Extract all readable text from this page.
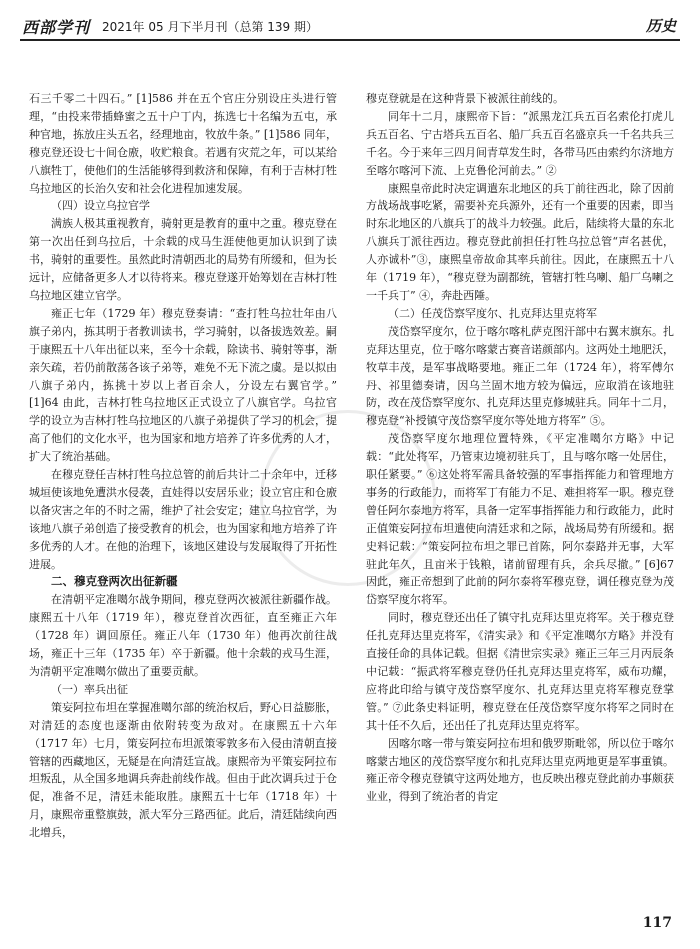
西部学刊 2021年 05 月下半月刊（总第 139 期）	历史

石三千零二十四石。” [1]586 并在五个官庄分别设庄头进行管理，“由投来带插蜂蜜之五十户丁内，拣选七十名编为五屯，承种官地，拣放庄头五名，经理地亩，牧放牛条。” [1]586 同年，穆克登还设七十间仓廒，收贮粮食。若遇有灾荒之年，可以某给八旗牲丁，使他们的生活能够得到救济和保障，有利于吉林打牲乌拉地区的长治久安和社会化进程加速发展。

（四）设立乌拉官学

满族人极其重视教育，骑射更是教育的重中之重。穆克登在第一次出任到乌拉后，十余载的戍马生涯使他更加认识到了读书，骑射的重要性。虽然此时清朝西北的局势有所缓和，但为长远计，应储备更多人才以待将来。穆克登遂开始筹划在吉林打牲乌拉地区建立官学。

雍正七年（1729 年）穆克登奏请：“查打牲乌拉壮年由八旗子弟内，拣其明于者教训读书，学习骑射，以备拔选效差。嗣于康熙五十八年出征以来，至今十余载，除读书、骑射等事，渐亲矢疏，若仍前散荡各该子弟等，难免不无下流之虞。是以拟由八旗子弟内，拣挑十岁以上者百余人，分设左右翼官学。” [1]64 由此，吉林打牲乌拉地区正式设立了八旗官学。乌拉官学的设立为吉林打牲乌拉地区的八旗子弟提供了学习的机会，提高了他们的文化水平，也为国家和地方培养了许多优秀的人才，扩大了统治基础。

在穆克登任吉林打牲乌拉总管的前后共计二十余年中，迁移城垣使该地免遭洪水侵袭，直娃得以安居乐业；设立官庄和仓廒以备灾害之年的不时之需，维护了社会安定；建立乌拉官学，为该地八旗子弟创造了接受教育的机会，也为国家和地方培养了许多优秀的人才。在他的治理下，该地区建设与发展取得了开拓性进展。

二、穆克登两次出征新疆

在清朝平定准噶尔战争期间，穆克登两次被派往新疆作战。康熙五十八年（1719 年），穆克登首次西征，直至雍正六年（1728 年）调回原任。雍正八年（1730 年）他再次前往战场，雍正十三年（1735 年）卒于新疆。他十余载的戎马生涯，为清朝平定准噶尔做出了重要贡献。

（一）率兵出征

策妄阿拉布坦在掌握准噶尔部的统治权后，野心日益膨胀，对清廷的态度也逐渐由依附转变为敌对。在康熙五十六年（1717 年）七月，策妄阿拉布坦派策零敦多布入侵由清朝直接管辖的西藏地区，无疑是在向清廷宣战。康熙帝为平策妄阿拉布坦叛乱，从全国多地调兵奔赴前线作战。但由于此次调兵过于仓促，准备不足，清廷未能取胜。康熙五十七年（1718 年）十月，康熙帝重整旗鼓，派大军分三路西征。此后，清廷陆续向西北增兵，

穆克登就是在这种背景下被派往前线的。

同年十二月，康熙帝下旨：“派黑龙江兵五百名索伦打虎儿兵五百名、宁古塔兵五百名、船厂兵五百名盛京兵一千名共兵三千名。今于来年三四月间青草发生时，各带马匹由索约尔济地方至喀尔喀河下流、上克鲁伦河前去。” ②

康熙皇帝此时决定调遣东北地区的兵丁前往西北，除了因前方战场战事吃紧，需要补充兵源外，还有一个重要的因素，即当时东北地区的八旗兵丁的战斗力较强。此后，陆续将大量的东北八旗兵丁派往西边。穆克登此前担任打牲乌拉总管“声名甚优，人亦诚朴”③，康熙皇帝故命其率兵前往。因此，在康熙五十八年（1719 年），“穆克登为副都统，管辖打牲乌喇、船厂乌喇之一千兵丁” ④，奔赴西陲。

（二）任茂岱察罕度尔、扎克拜达里克将军

茂岱察罕度尔，位于喀尔喀札萨克图汗部中右翼末旗东。扎克拜达里克，位于喀尔喀蒙古赛音诺颜部内。这两处土地肥沃，牧草丰茂，是军事战略要地。雍正二年（1724 年），将军傅尔丹、祁里德奏请，因乌兰固木地方较为偏远，应取消在该地驻防，改在茂岱察罕度尔、扎克拜达里克修城驻兵。同年十二月，穆克登“补授镇守茂岱察罕度尔等处地方将军” ⑤。

茂岱察罕度尔地理位置特殊，《平定准噶尔方略》中记载：“此处将军，乃管束边境初驻兵丁，且与喀尔喀一处居住，职任紧要。” ⑥这处将军需具备较强的军事指挥能力和管理地方事务的行政能力，而将军丁有能力不足、难担将军一职。穆克登曾任阿尔泰地方将军，具备一定军事指挥能力和行政能力，此时正值策妄阿拉布坦遣使向清廷求和之际，战场局势有所缓和。据史料记载：“策妄阿拉布坦之罪已首陈，阿尔泰路并无事，大军驻此年久，且亩米于钱粮，诸前留理有兵，余兵尽撤。” [6]67 因此，雍正帝想到了此前的阿尔泰将军穆克登，调任穆克登为茂岱察罕度尔将军。

同时，穆克登还出任了镇守扎克拜达里克将军。关于穆克登任扎克拜达里克将军，《清实录》和《平定准噶尔方略》并没有直接任命的具体记载。但据《清世宗实录》雍正三年三月丙辰条中记载：“振武将军穆克登仍任扎克拜达里克将军，威布功耀，应将此印给与镇守茂岱察罕度尔、扎克拜达里克将军穆克登掌管。” ⑦此条史料证明，穆克登在任茂岱察罕度尔将军之同时在其十任不久后，还出任了扎克拜达里克将军。

因喀尔喀一带与策妄阿拉布坦和俄罗斯毗邻，所以位于喀尔喀蒙古地区的茂岱察罕度尔和扎克拜达里克两地更是军事重镇。雍正帝令穆克登镇守这两处地方，也反映出穆克登此前办事颇获业业，得到了统治者的肯定

117
